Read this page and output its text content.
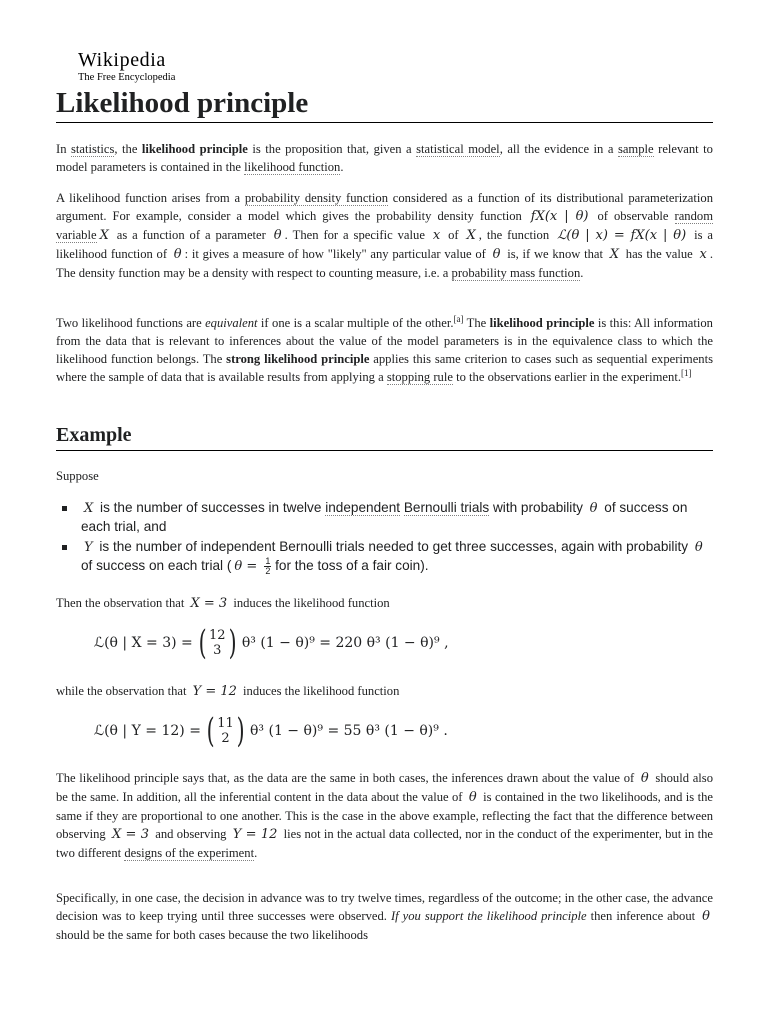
Wikipedia
The Free Encyclopedia
Likelihood principle

In statistics, the likelihood principle is the proposition that, given a statistical model, all the evidence in a sample relevant to model parameters is contained in the likelihood function.

A likelihood function arises from a probability density function considered as a function of its distributional parameterization argument. For example, consider a model which gives the probability density function fX(x | θ) of observable random variable X as a function of a parameter θ . Then for a specific value x of X , the function ℒ(θ | x) = fX(x | θ) is a likelihood function of θ : it gives a measure of how "likely" any particular value of θ is, if we know that X has the value x . The density function may be a density with respect to counting measure, i.e. a probability mass function.

Two likelihood functions are equivalent if one is a scalar multiple of the other.[a] The likelihood principle is this: All information from the data that is relevant to inferences about the value of the model parameters is in the equivalence class to which the likelihood function belongs. The strong likelihood principle applies this same criterion to cases such as sequential experiments where the sample of data that is available results from applying a stopping rule to the observations earlier in the experiment.[1]

Example

Suppose

X is the number of successes in twelve independent Bernoulli trials with probability θ of success on each trial, and
Y is the number of independent Bernoulli trials needed to get three successes, again with probability θ of success on each trial ( $\theta = \frac{1}{2}$ for the toss of a fair coin).

Then the observation that X = 3 induces the likelihood function

ℒ(θ | X = 3) = ( 12
3 ) θ³ (1 − θ)⁹ = 220 θ³ (1 − θ)⁹ ,

while the observation that Y = 12 induces the likelihood function

ℒ(θ | Y = 12) = ( 11
2 ) θ³ (1 − θ)⁹ = 55 θ³ (1 − θ)⁹ .

The likelihood principle says that, as the data are the same in both cases, the inferences drawn about the value of θ should also be the same. In addition, all the inferential content in the data about the value of θ is contained in the two likelihoods, and is the same if they are proportional to one another. This is the case in the above example, reflecting the fact that the difference between observing X = 3 and observing Y = 12 lies not in the actual data collected, nor in the conduct of the experimenter, but in the two different designs of the experiment.

Specifically, in one case, the decision in advance was to try twelve times, regardless of the outcome; in the other case, the advance decision was to keep trying until three successes were observed. If you support the likelihood principle then inference about θ should be the same for both cases because the two likelihoods
